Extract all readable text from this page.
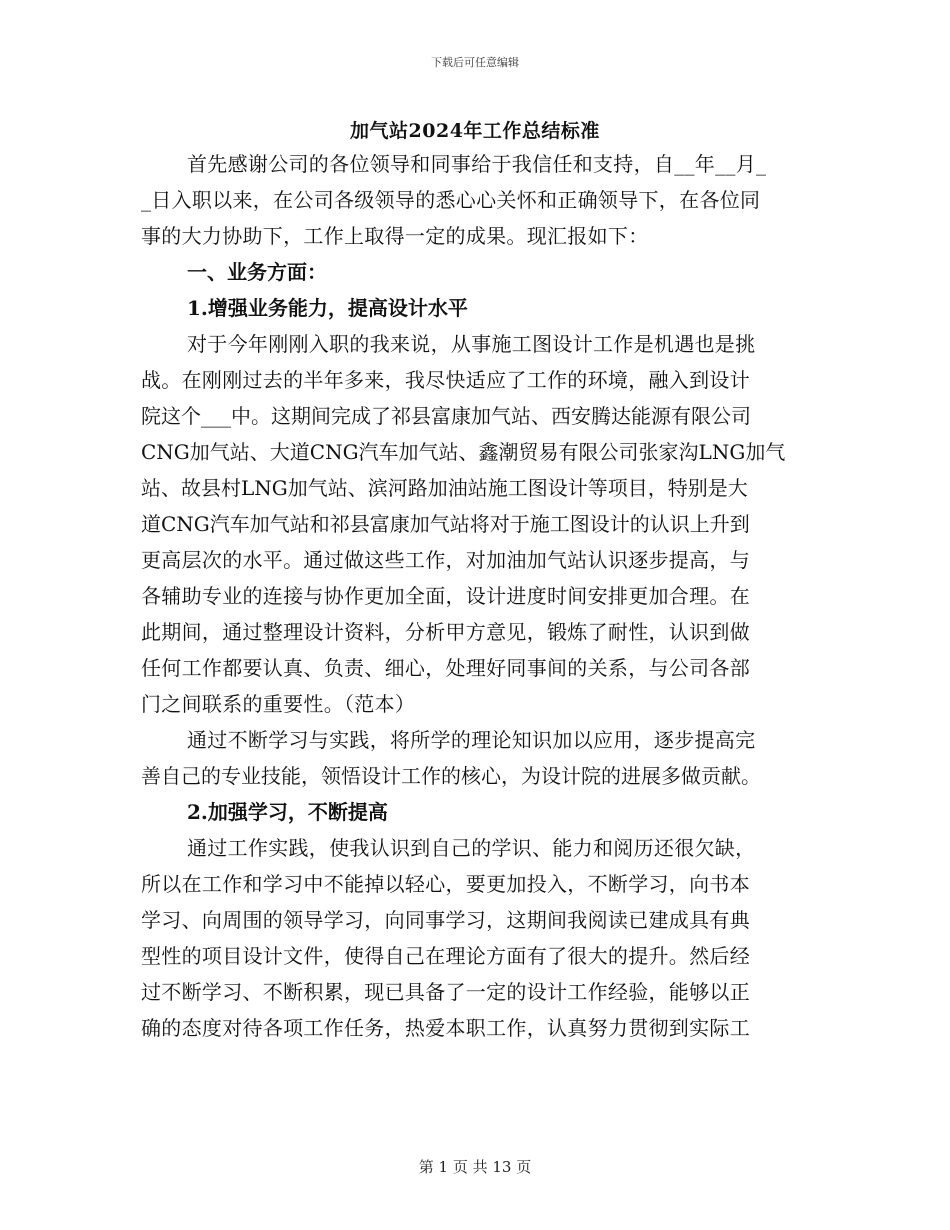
下载后可任意编辑
加气站2024年工作总结标准
首先感谢公司的各位领导和同事给于我信任和支持，自__年__月_
_日入职以来，在公司各级领导的悉心心关怀和正确领导下，在各位同
事的大力协助下，工作上取得一定的成果。现汇报如下：
一、业务方面：
1.增强业务能力，提高设计水平
对于今年刚刚入职的我来说，从事施工图设计工作是机遇也是挑
战。在刚刚过去的半年多来，我尽快适应了工作的环境，融入到设计
院这个___中。这期间完成了祁县富康加气站、西安腾达能源有限公司
CNG加气站、大道CNG汽车加气站、鑫潮贸易有限公司张家沟LNG加气
站、故县村LNG加气站、滨河路加油站施工图设计等项目，特别是大
道CNG汽车加气站和祁县富康加气站将对于施工图设计的认识上升到
更高层次的水平。通过做这些工作，对加油加气站认识逐步提高，与
各辅助专业的连接与协作更加全面，设计进度时间安排更加合理。在
此期间，通过整理设计资料，分析甲方意见，锻炼了耐性，认识到做
任何工作都要认真、负责、细心，处理好同事间的关系，与公司各部
门之间联系的重要性。（范本）
通过不断学习与实践，将所学的理论知识加以应用，逐步提高完
善自己的专业技能，领悟设计工作的核心，为设计院的进展多做贡献。
2.加强学习，不断提高
通过工作实践，使我认识到自己的学识、能力和阅历还很欠缺，
所以在工作和学习中不能掉以轻心，要更加投入，不断学习，向书本
学习、向周围的领导学习，向同事学习，这期间我阅读已建成具有典
型性的项目设计文件，使得自己在理论方面有了很大的提升。然后经
过不断学习、不断积累，现已具备了一定的设计工作经验，能够以正
确的态度对待各项工作任务，热爱本职工作，认真努力贯彻到实际工
第 1 页 共 13 页
